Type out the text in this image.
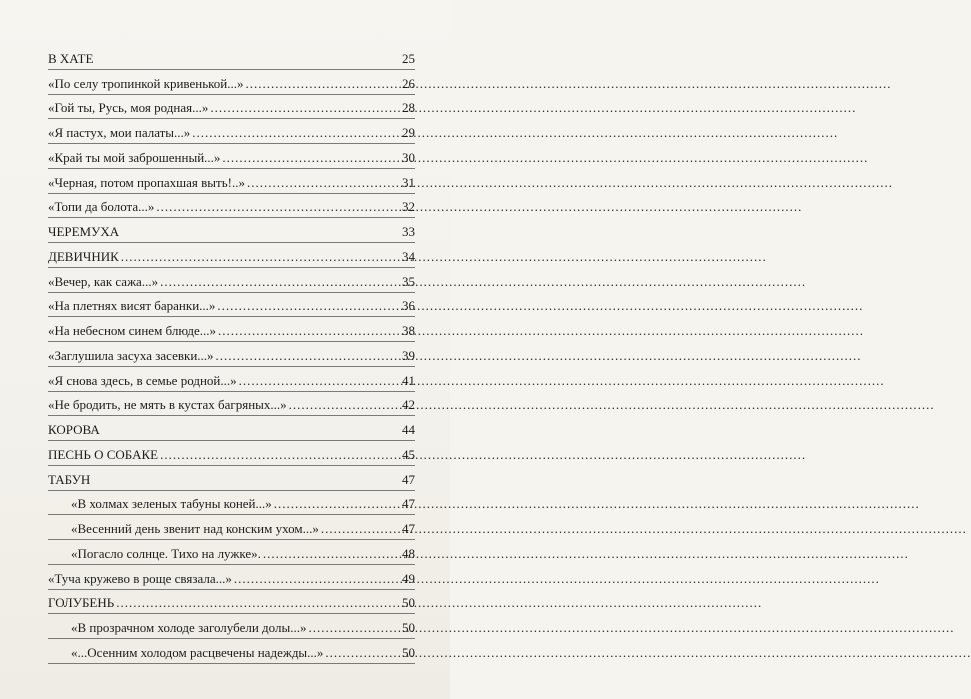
В ХАТЕ	25
«По селу тропинкой кривенькой...» .....	26
«Гой ты, Русь, моя родная...» .....	28
«Я пастух, мои палаты...» .....	29
«Край ты мой заброшенный...» .....	30
«Черная, потом пропахшая выть!..» .....	31
«Топи да болота...» .....	32
ЧЕРЕМУХА	33
ДЕВИЧНИК .....	34
«Вечер, как сажа...» .....	35
«На плетнях висят баранки...» .....	36
«На небесном синем блюде...» .....	38
«Заглушила засуха засевки...» .....	39
«Я снова здесь, в семье родной...» .....	41
«Не бродить, не мять в кустах багряных...» .....	42
КОРОВА	44
ПЕСНЬ О СОБАКЕ .....	45
ТАБУН	47
«В холмах зеленых табуны коней...» .....	47
«Весенний день звенит над конским ухом...» .....	47
«Погасло солнце. Тихо на лужке». .....	48
«Туча кружево в роще связала...» .....	49
ГОЛУБЕНЬ .....	50
«В прозрачном холоде заголубели долы...» .....	50
«...Осенним холодом расцвечены надежды...» .....	50
